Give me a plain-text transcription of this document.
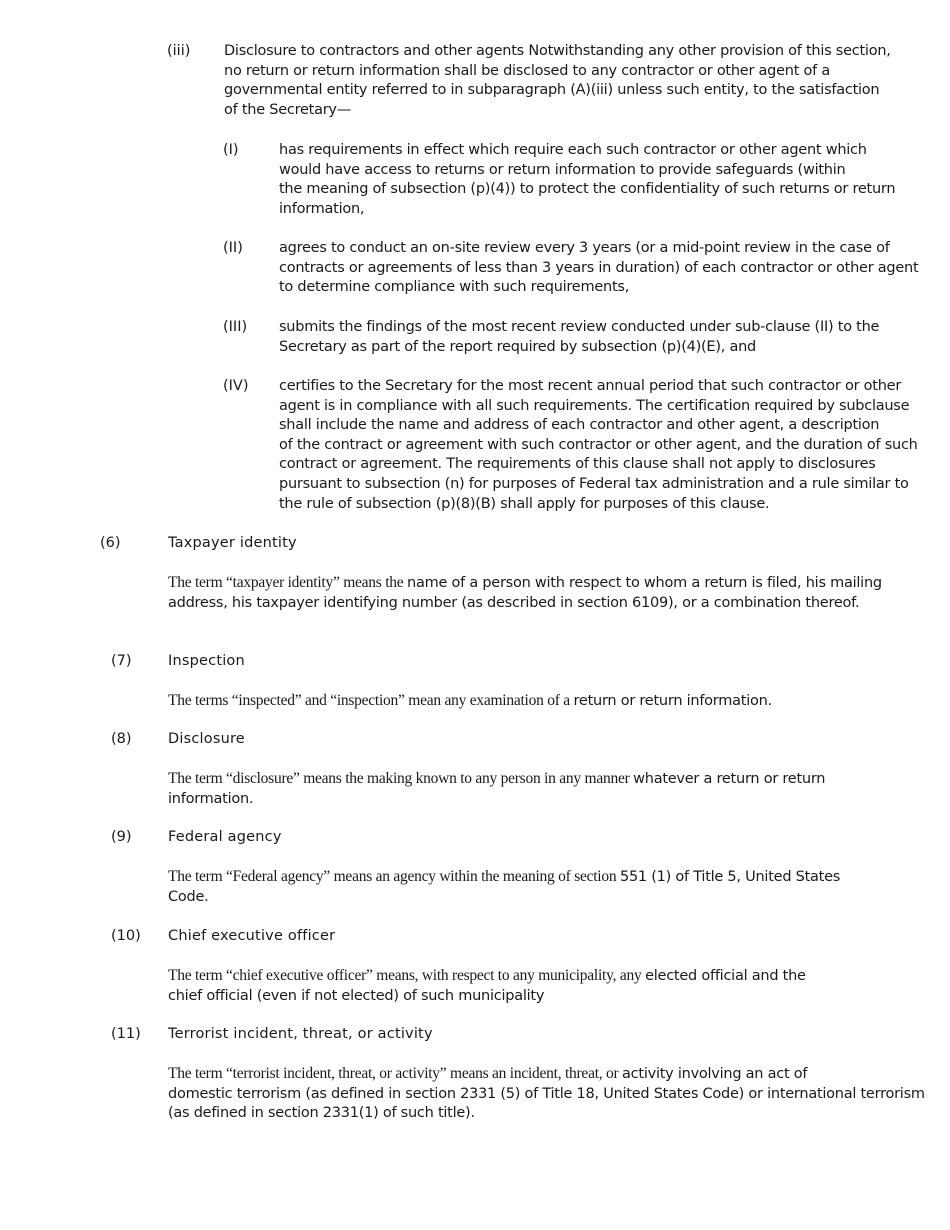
(iii) Disclosure to contractors and other agents Notwithstanding any other provision of this section,
no return or return information shall be disclosed to any contractor or other agent of a
governmental entity referred to in subparagraph (A)(iii) unless such entity, to the satisfaction
of the Secretary—
(I)	has requirements in effect which require each such contractor or other agent which
would have access to returns or return information to provide safeguards (within
the meaning of subsection (p)(4)) to protect the confidentiality of such returns or return
information,
(II) agrees to conduct an on-site review every 3 years (or a mid-point review in the case of
contracts or agreements of less than 3 years in duration) of each contractor or other agent
to determine compliance with such requirements,
(III) submits the findings of the most recent review conducted under sub-clause (II) to the
Secretary as part of the report required by subsection (p)(4)(E), and
(IV) certifies to the Secretary for the most recent annual period that such contractor or other
agent is in compliance with all such requirements. The certification required by subclause
shall include the name and address of each contractor and other agent, a description
of the contract or agreement with such contractor or other agent, and the duration of such
contract or agreement. The requirements of this clause shall not apply to disclosures
pursuant to subsection (n) for purposes of Federal tax administration and a rule similar to
the rule of subsection (p)(8)(B) shall apply for purposes of this clause.
(6)	Taxpayer identity
The term “taxpayer identity” means the name of a person with respect to whom a return is filed, his mailing
address, his taxpayer identifying number (as described in section 6109), or a combination thereof.
(7)	Inspection
The terms “inspected” and “inspection” mean any examination of a return or return information.
(8)	Disclosure
The term “disclosure” means the making known to any person in any manner whatever a return or return
information.
(9)	Federal agency
The term “Federal agency” means an agency within the meaning of section 551 (1) of Title 5, United States
Code.
(10) Chief executive officer
The term “chief executive officer” means, with respect to any municipality, any elected official and the
chief official (even if not elected) of such municipality
(11) Terrorist incident, threat, or activity
The term “terrorist incident, threat, or activity” means an incident, threat, or activity involving an act of
domestic terrorism (as defined in section 2331 (5) of Title 18, United States Code) or international terrorism
(as defined in section 2331(1) of such title).
